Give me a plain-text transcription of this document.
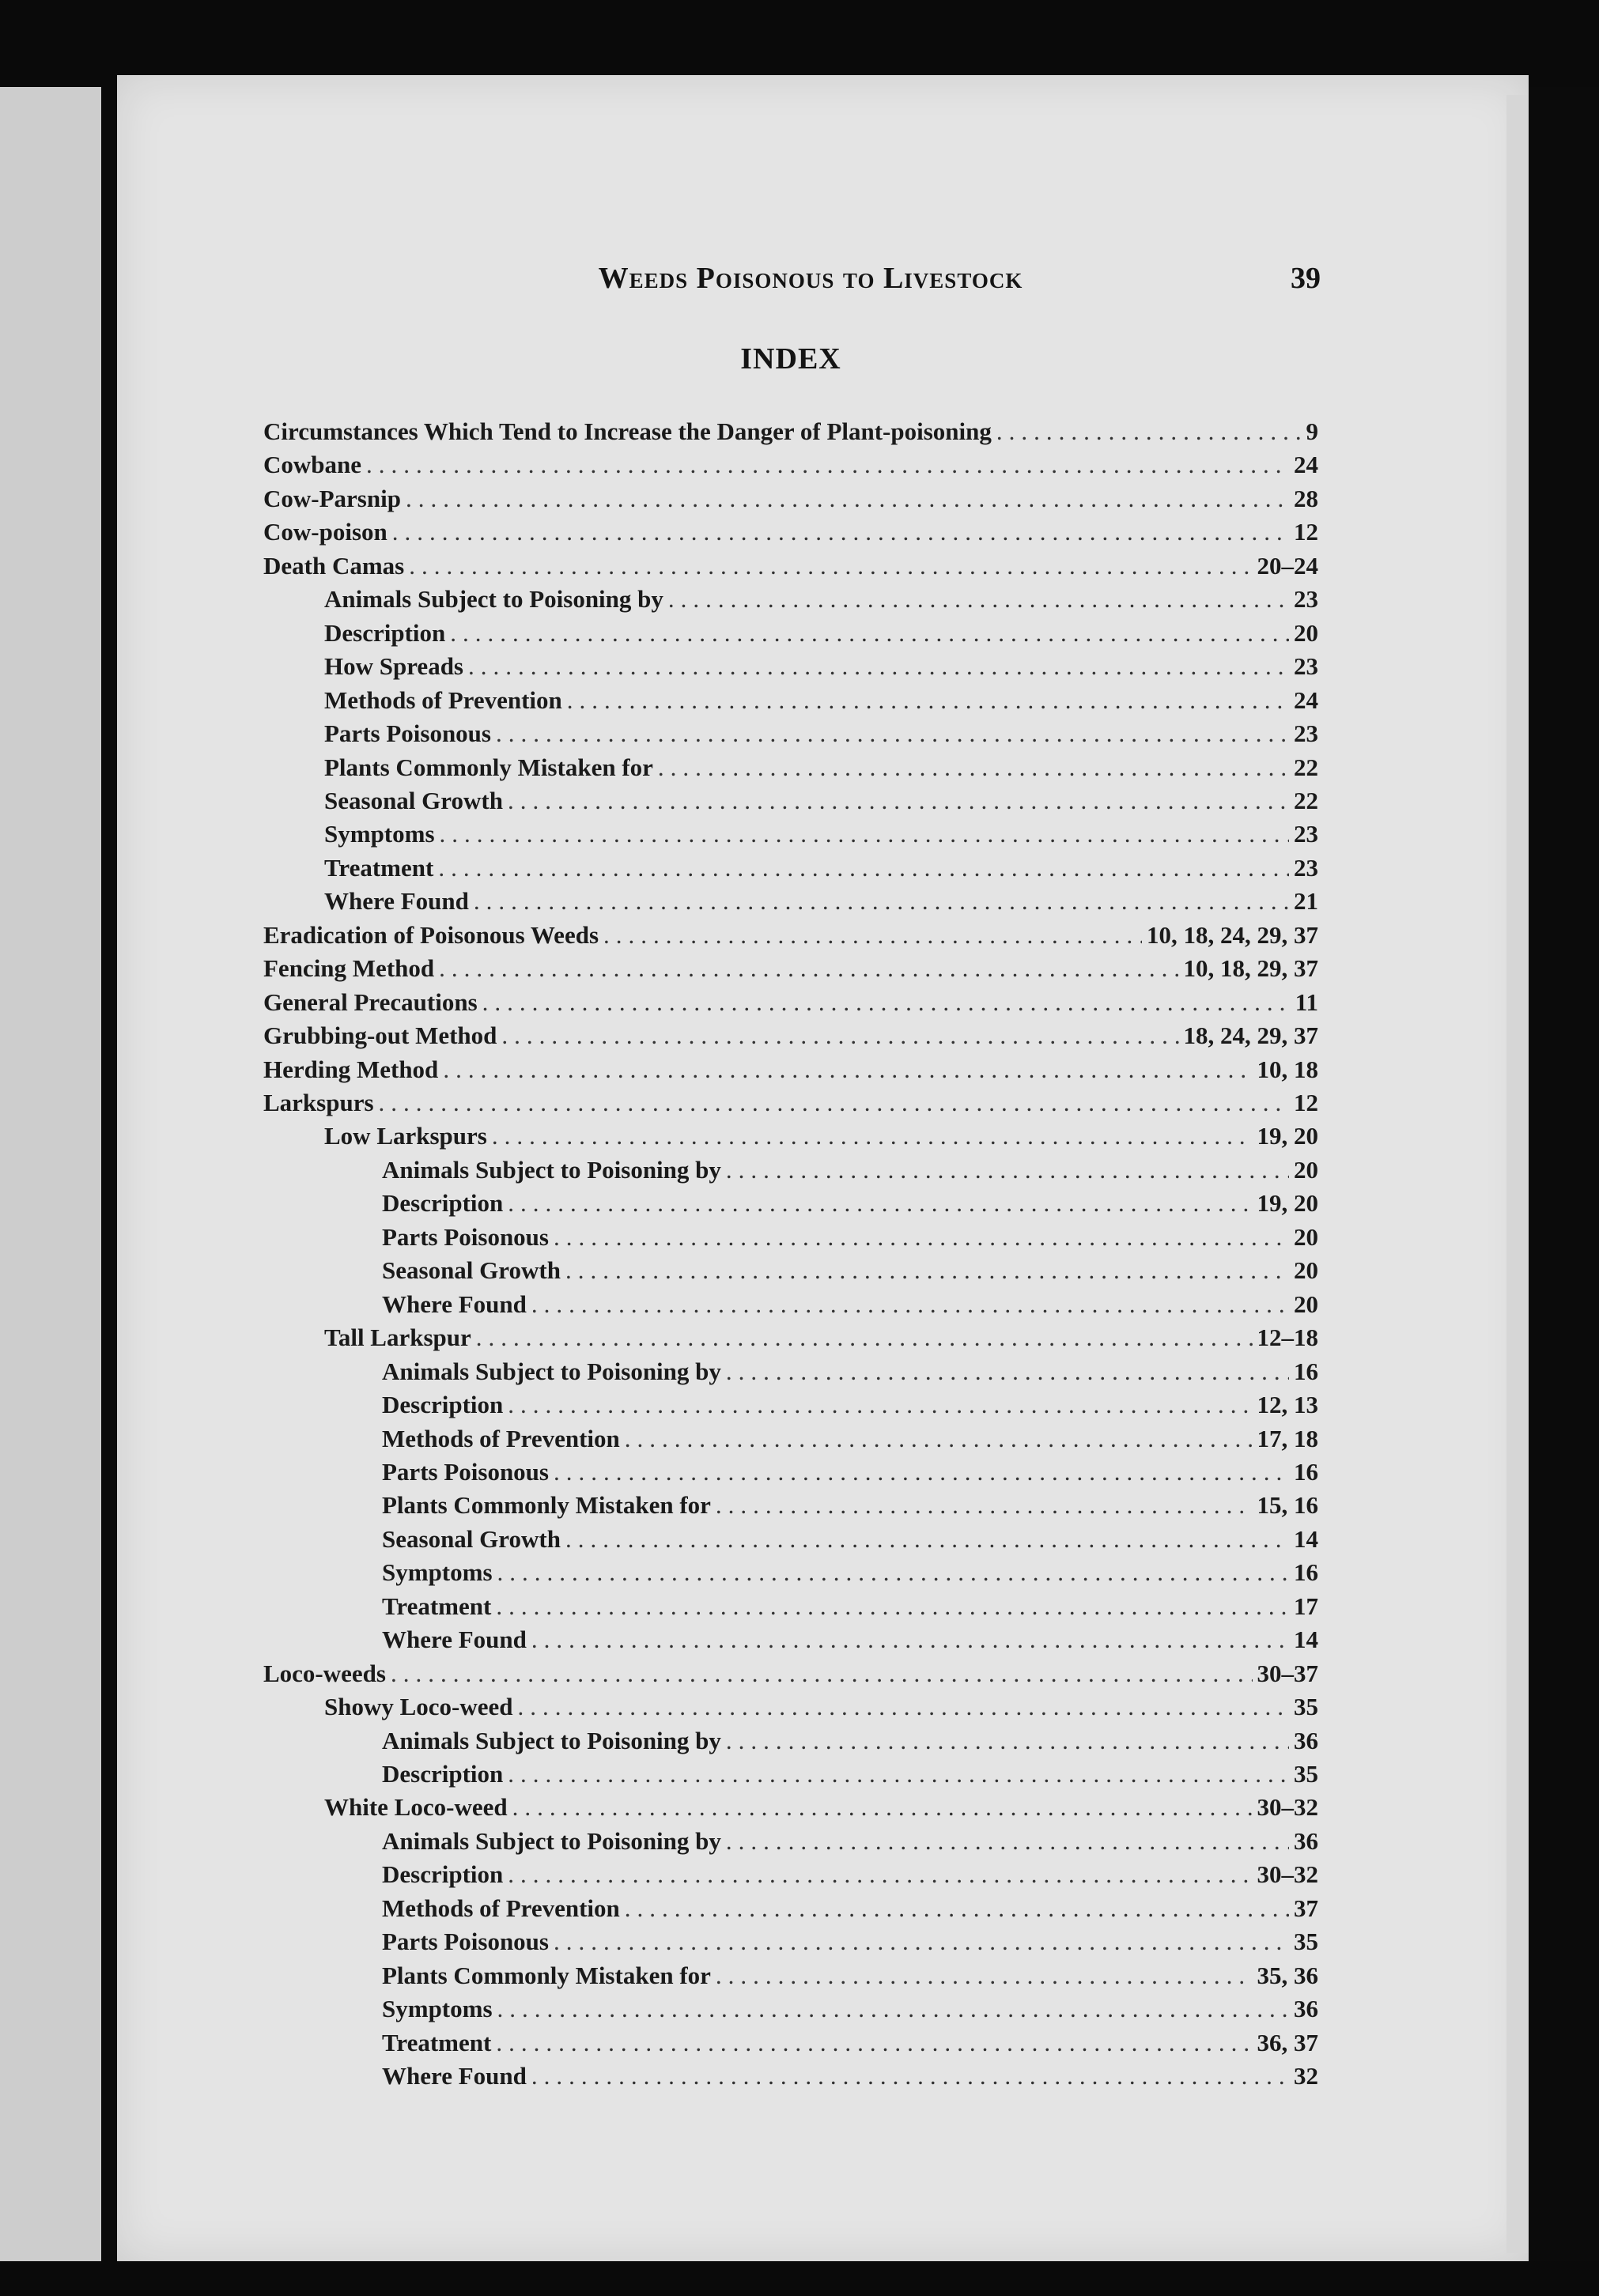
Weeds Poisonous to Livestock	39
INDEX
Circumstances Which Tend to Increase the Danger of Plant-poisoning .....	9
Cowbane .....	24
Cow-Parsnip .....	28
Cow-poison .....	12
Death Camas .....	20–24
Animals Subject to Poisoning by .....	23
Description .....	20
How Spreads .....	23
Methods of Prevention .....	24
Parts Poisonous .....	23
Plants Commonly Mistaken for .....	22
Seasonal Growth .....	22
Symptoms .....	23
Treatment .....	23
Where Found .....	21
Eradication of Poisonous Weeds .....	10, 18, 24, 29, 37
Fencing Method .....	10, 18, 29, 37
General Precautions .....	11
Grubbing-out Method .....	18, 24, 29, 37
Herding Method .....	10, 18
Larkspurs .....	12
Low Larkspurs .....	19, 20
Animals Subject to Poisoning by .....	20
Description .....	19, 20
Parts Poisonous .....	20
Seasonal Growth .....	20
Where Found .....	20
Tall Larkspur .....	12–18
Animals Subject to Poisoning by .....	16
Description .....	12, 13
Methods of Prevention .....	17, 18
Parts Poisonous .....	16
Plants Commonly Mistaken for .....	15, 16
Seasonal Growth .....	14
Symptoms .....	16
Treatment .....	17
Where Found .....	14
Loco-weeds .....	30–37
Showy Loco-weed .....	35
Animals Subject to Poisoning by .....	36
Description .....	35
White Loco-weed .....	30–32
Animals Subject to Poisoning by .....	36
Description .....	30–32
Methods of Prevention .....	37
Parts Poisonous .....	35
Plants Commonly Mistaken for .....	35, 36
Symptoms .....	36
Treatment .....	36, 37
Where Found .....	32
